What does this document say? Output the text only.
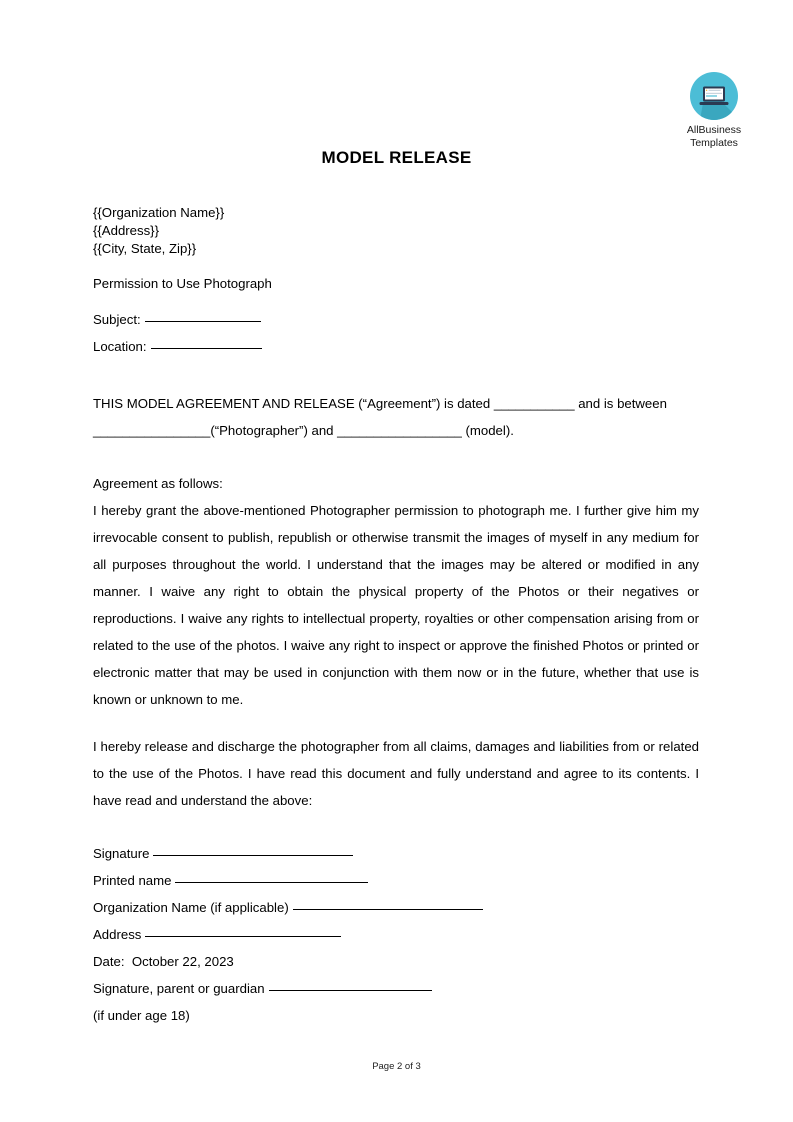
AllBusiness
Templates
MODEL RELEASE
{{Organization Name}}
{{Address}}
{{City, State, Zip}}
Permission to Use Photograph
Subject:
Location:
THIS MODEL AGREEMENT AND RELEASE (“Agreement”) is dated ___________ and is between
________________(“Photographer”) and _________________ (model).
Agreement as follows:

I hereby grant the above-mentioned Photographer permission to photograph me. I further give him my irrevocable consent to publish, republish or otherwise transmit the images of myself in any medium for all purposes throughout the world. I understand that the images may be altered or modified in any manner. I waive any right to obtain the physical property of the Photos or their negatives or reproductions. I waive any rights to intellectual property, royalties or other compensation arising from or related to the use of the photos. I waive any right to inspect or approve the finished Photos or printed or electronic matter that may be used in conjunction with them now or in the future, whether that use is known or unknown to me.

I hereby release and discharge the photographer from all claims, damages and liabilities from or related to the use of the Photos. I have read this document and fully understand and agree to its contents. I have read and understand the above:

Signature
Printed name
Organization Name (if applicable)
Address
Date: October 22, 2023
Signature, parent or guardian
(if under age 18)
Page 2 of 3
